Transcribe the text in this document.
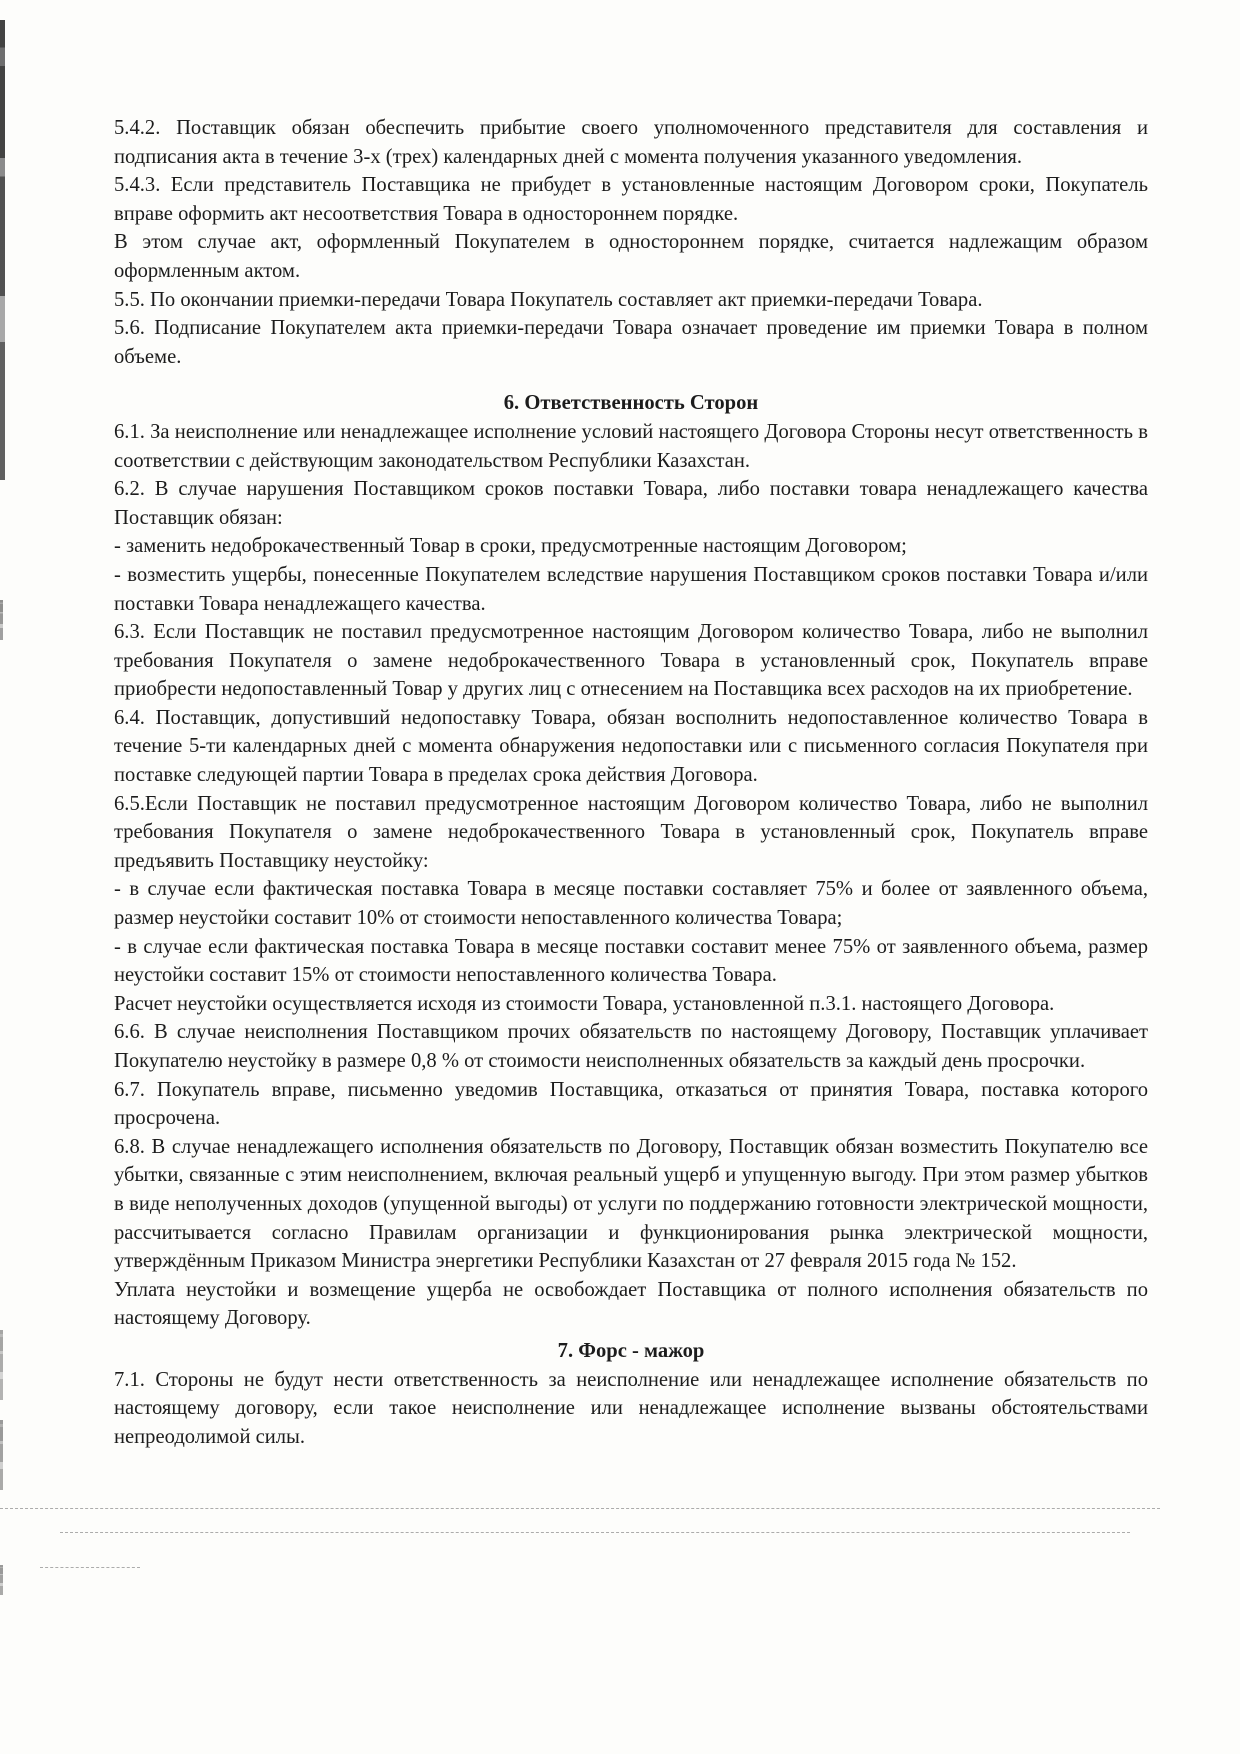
5.4.2. Поставщик обязан обеспечить прибытие своего уполномоченного представителя для составления и подписания акта в течение 3-х (трех) календарных дней с момента получения указанного уведомления.

5.4.3. Если представитель Поставщика не прибудет в установленные настоящим Договором сроки, Покупатель вправе оформить акт несоответствия Товара в одностороннем порядке.

В этом случае акт, оформленный Покупателем в одностороннем порядке, считается надлежащим образом оформленным актом.

5.5. По окончании приемки-передачи Товара Покупатель составляет акт приемки-передачи Товара.

5.6. Подписание Покупателем акта приемки-передачи Товара означает проведение им приемки Товара в полном объеме.

6. Ответственность Сторон

6.1. За неисполнение или ненадлежащее исполнение условий настоящего Договора Стороны несут ответственность в соответствии с действующим законодательством Республики Казахстан.

6.2. В случае нарушения Поставщиком сроков поставки Товара, либо поставки товара ненадлежащего качества Поставщик обязан:

- заменить недоброкачественный Товар в сроки, предусмотренные настоящим Договором;

- возместить ущербы, понесенные Покупателем вследствие нарушения Поставщиком сроков поставки Товара и/или поставки Товара ненадлежащего качества.

6.3. Если Поставщик не поставил предусмотренное настоящим Договором количество Товара, либо не выполнил требования Покупателя о замене недоброкачественного Товара в установленный срок, Покупатель вправе приобрести недопоставленный Товар у других лиц с отнесением на Поставщика всех расходов на их приобретение.

6.4. Поставщик, допустивший недопоставку Товара, обязан восполнить недопоставленное количество Товара в течение 5-ти календарных дней с момента обнаружения недопоставки или с письменного согласия Покупателя при поставке следующей партии Товара в пределах срока действия Договора.

6.5.Если Поставщик не поставил предусмотренное настоящим Договором количество Товара, либо не выполнил требования Покупателя о замене недоброкачественного Товара в установленный срок, Покупатель вправе предъявить Поставщику неустойку:

- в случае если фактическая поставка Товара в месяце поставки составляет 75% и более от заявленного объема, размер неустойки составит 10% от стоимости непоставленного количества Товара;

- в случае если фактическая поставка Товара в месяце поставки составит менее 75% от заявленного объема, размер неустойки составит 15% от стоимости непоставленного количества Товара.

Расчет неустойки осуществляется исходя из стоимости Товара, установленной п.3.1. настоящего Договора.

6.6. В случае неисполнения Поставщиком прочих обязательств по настоящему Договору, Поставщик уплачивает Покупателю неустойку в размере 0,8 % от стоимости неисполненных обязательств за каждый день просрочки.

6.7. Покупатель вправе, письменно уведомив Поставщика, отказаться от принятия Товара, поставка которого просрочена.

6.8. В случае ненадлежащего исполнения обязательств по Договору, Поставщик обязан возместить Покупателю все убытки, связанные с этим неисполнением, включая реальный ущерб и упущенную выгоду. При этом размер убытков в виде неполученных доходов (упущенной выгоды) от услуги по поддержанию готовности электрической мощности, рассчитывается согласно Правилам организации и функционирования рынка электрической мощности, утверждённым Приказом Министра энергетики Республики Казахстан от 27 февраля 2015 года № 152.

Уплата неустойки и возмещение ущерба не освобождает Поставщика от полного исполнения обязательств по настоящему Договору.

7. Форс - мажор

7.1. Стороны не будут нести ответственность за неисполнение или ненадлежащее исполнение обязательств по настоящему договору, если такое неисполнение или ненадлежащее исполнение вызваны обстоятельствами непреодолимой силы.
